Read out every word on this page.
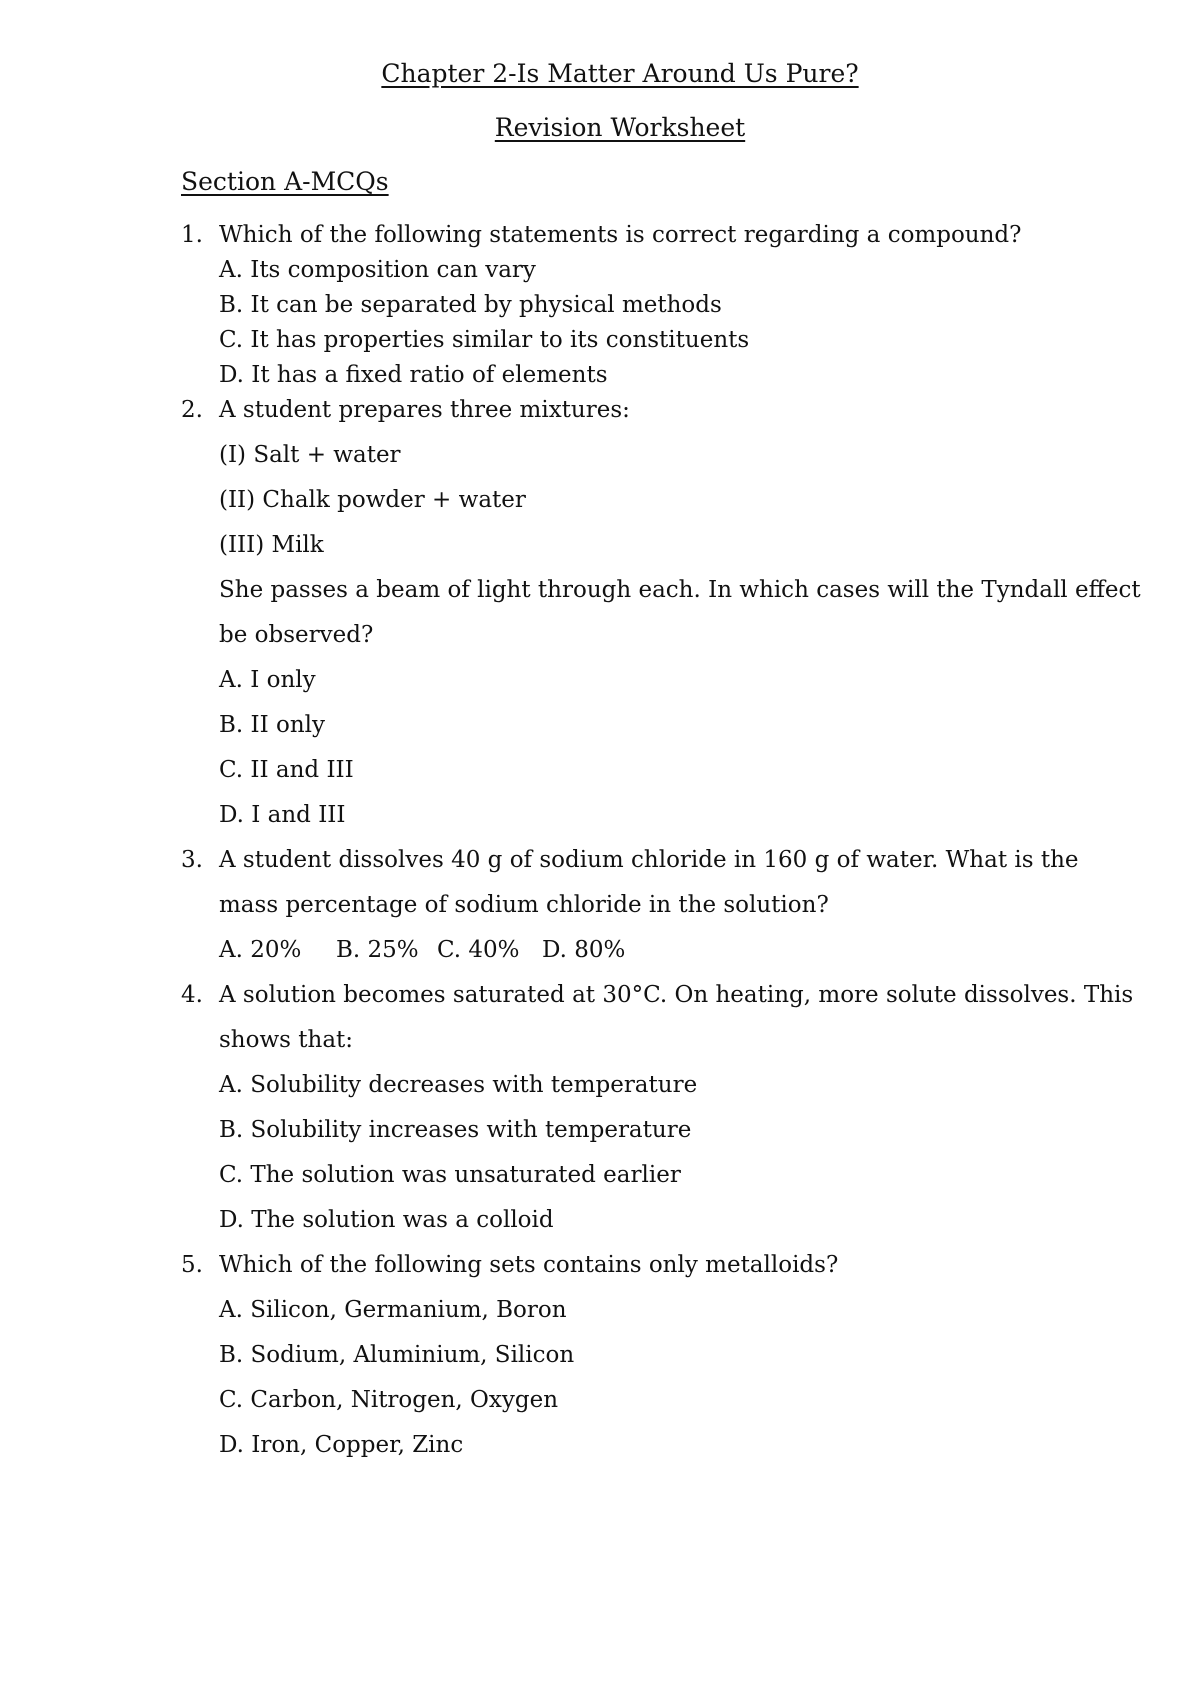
Chapter 2-Is Matter Around Us Pure?
Revision Worksheet
Section A-MCQs
1. Which of the following statements is correct regarding a compound?
A. Its composition can vary
B. It can be separated by physical methods
C. It has properties similar to its constituents
D. It has a fixed ratio of elements
2. A student prepares three mixtures:
(I) Salt + water
(II) Chalk powder + water
(III) Milk
She passes a beam of light through each. In which cases will the Tyndall effect
be observed?
A. I only
B. II only
C. II and III
D. I and III
3. A student dissolves 40 g of sodium chloride in 160 g of water. What is the
mass percentage of sodium chloride in the solution?
A. 20% B. 25% C. 40% D. 80%
4. A solution becomes saturated at 30°C. On heating, more solute dissolves. This
shows that:
A. Solubility decreases with temperature
B. Solubility increases with temperature
C. The solution was unsaturated earlier
D. The solution was a colloid
5. Which of the following sets contains only metalloids?
A. Silicon, Germanium, Boron
B. Sodium, Aluminium, Silicon
C. Carbon, Nitrogen, Oxygen
D. Iron, Copper, Zinc
